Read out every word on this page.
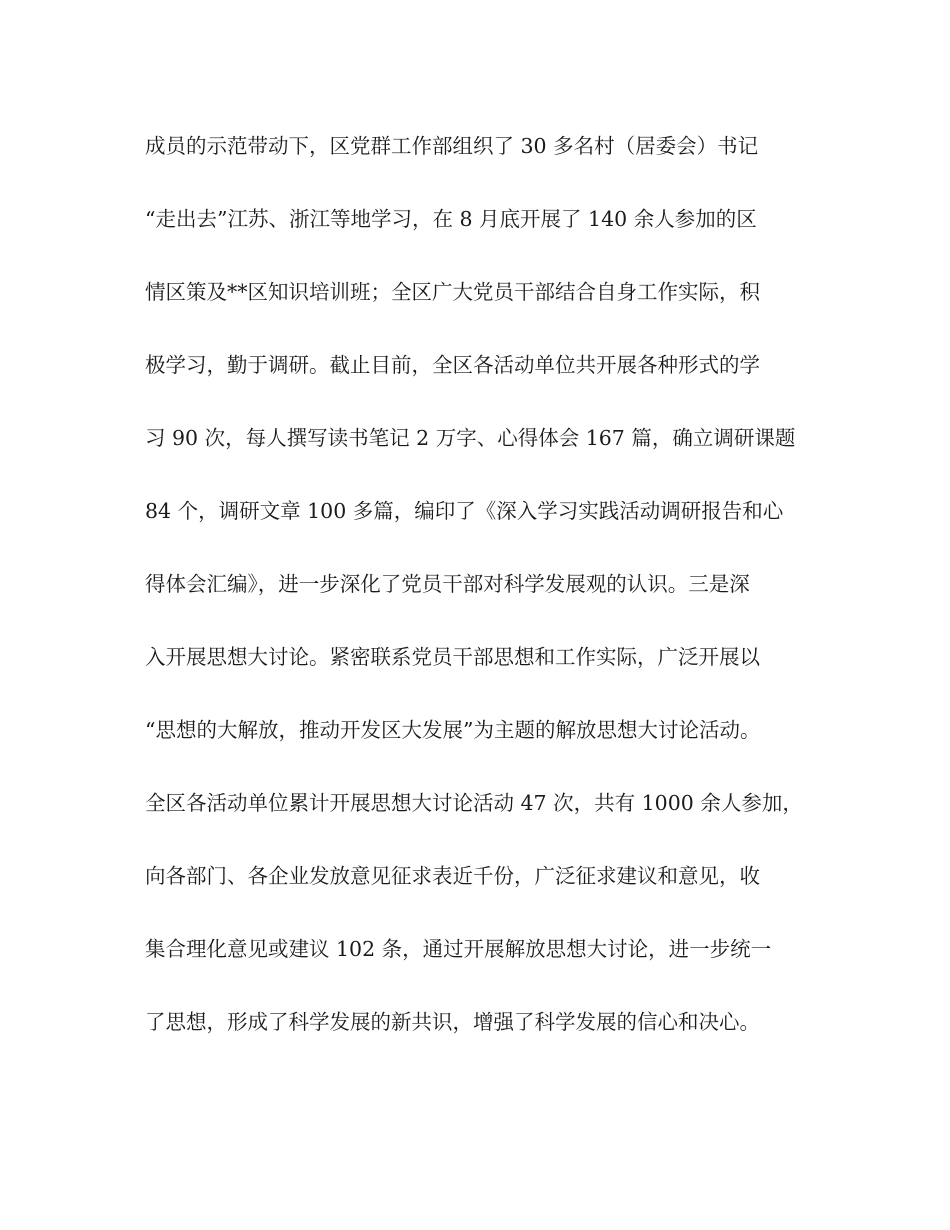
成员的示范带动下，区党群工作部组织了 30 多名村（居委会）书记
“走出去”江苏、浙江等地学习，在 8 月底开展了 140 余人参加的区
情区策及**区知识培训班；全区广大党员干部结合自身工作实际，积
极学习，勤于调研。截止目前，全区各活动单位共开展各种形式的学
习 90 次，每人撰写读书笔记 2 万字、心得体会 167 篇，确立调研课题
84 个，调研文章 100 多篇，编印了《深入学习实践活动调研报告和心
得体会汇编》，进一步深化了党员干部对科学发展观的认识。三是深
入开展思想大讨论。紧密联系党员干部思想和工作实际，广泛开展以
“思想的大解放，推动开发区大发展”为主题的解放思想大讨论活动。
全区各活动单位累计开展思想大讨论活动 47 次，共有 1000 余人参加，
向各部门、各企业发放意见征求表近千份，广泛征求建议和意见，收
集合理化意见或建议 102 条，通过开展解放思想大讨论，进一步统一
了思想，形成了科学发展的新共识，增强了科学发展的信心和决心。
